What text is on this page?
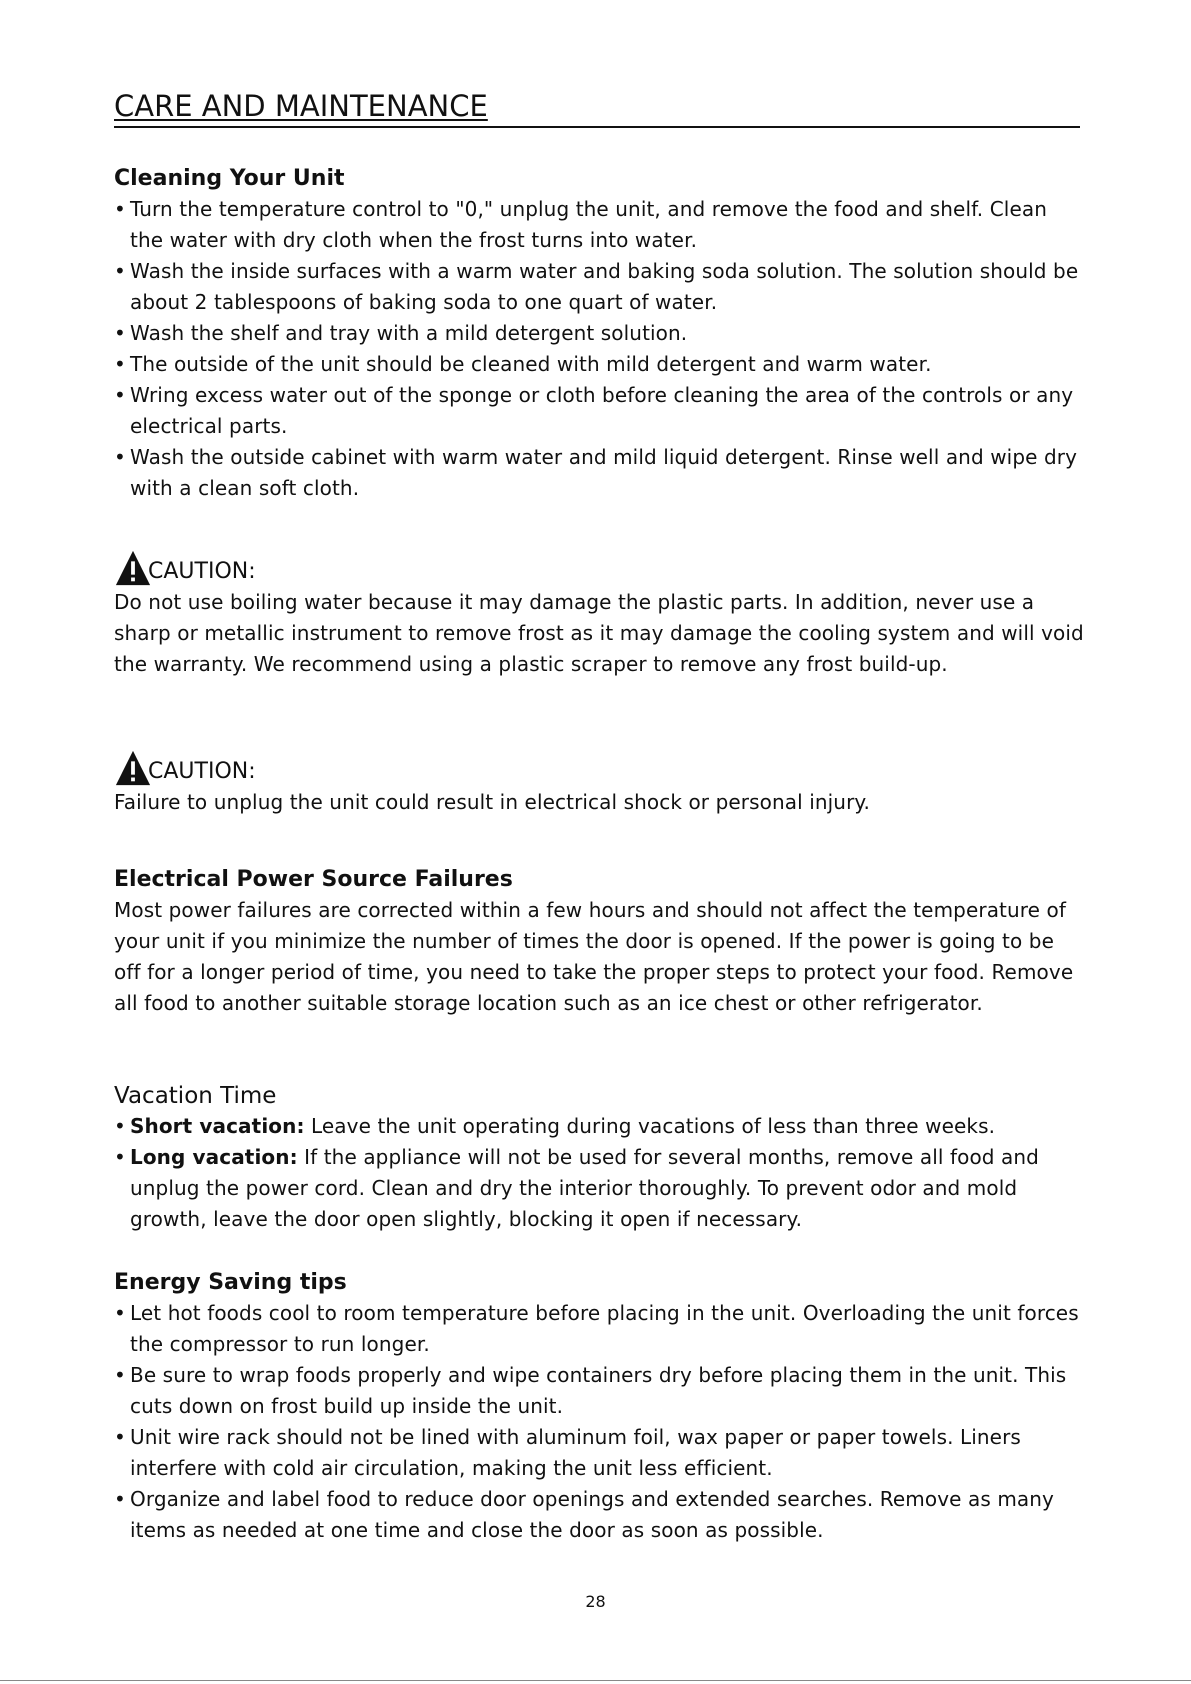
CARE AND MAINTENANCE
Cleaning Your Unit
• Turn the temperature control to "0," unplug the unit, and remove the food and shelf. Clean the water with dry cloth when the frost turns into water.
• Wash the inside surfaces with a warm water and baking soda solution. The solution should be about 2 tablespoons of baking soda to one quart of water.
• Wash the shelf and tray with a mild detergent solution.
• The outside of the unit should be cleaned with mild detergent and warm water.
• Wring excess water out of the sponge or cloth before cleaning the area of the controls or any electrical parts.
• Wash the outside cabinet with warm water and mild liquid detergent. Rinse well and wipe dry with a clean soft cloth.
CAUTION:

Do not use boiling water because it may damage the plastic parts. In addition, never use a sharp or metallic instrument to remove frost as it may damage the cooling system and will void the warranty. We recommend using a plastic scraper to remove any frost build-up.

CAUTION:

Failure to unplug the unit could result in electrical shock or personal injury.

Electrical Power Source Failures

Most power failures are corrected within a few hours and should not affect the temperature of your unit if you minimize the number of times the door is opened. If the power is going to be off for a longer period of time, you need to take the proper steps to protect your food. Remove all food to another suitable storage location such as an ice chest or other refrigerator.

Vacation Time
• Short vacation: Leave the unit operating during vacations of less than three weeks.
• Long vacation: If the appliance will not be used for several months, remove all food and unplug the power cord. Clean and dry the interior thoroughly. To prevent odor and mold growth, leave the door open slightly, blocking it open if necessary.
Energy Saving tips
• Let hot foods cool to room temperature before placing in the unit. Overloading the unit forces the compressor to run longer.
• Be sure to wrap foods properly and wipe containers dry before placing them in the unit. This cuts down on frost build up inside the unit.
• Unit wire rack should not be lined with aluminum foil, wax paper or paper towels. Liners interfere with cold air circulation, making the unit less efficient.
• Organize and label food to reduce door openings and extended searches. Remove as many items as needed at one time and close the door as soon as possible.
28
